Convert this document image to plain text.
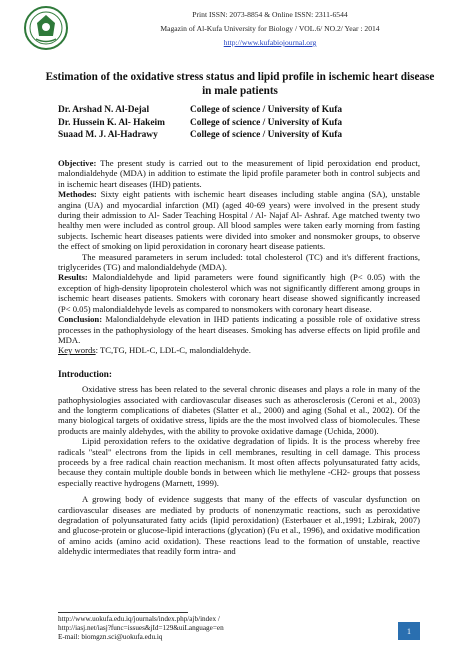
Print ISSN: 2073-8854 & Online ISSN: 2311-6544
Magazin of Al-Kufa University for Biology / VOL.6/ NO.2/ Year : 2014
http://www.kufabiojournal.org
Estimation of the oxidative stress status and lipid profile in ischemic heart disease in male patients
Dr. Arshad N. Al-Dejal	College of science / University of Kufa
Dr. Hussein K. Al- Hakeim	College of science / University of Kufa
Suaad M. J. Al-Hadrawy	College of science / University of Kufa

Objective: The present study is carried out to the measurement of lipid peroxidation end product, malondialdehyde (MDA) in addition to estimate the lipid profile parameter both in control subjects and in ischemic heart diseases (IHD) patients.

Methodes: Sixty eight patients with ischemic heart diseases including stable angina (SA), unstable angina (UA) and myocardial infarction (MI) (aged 40-69 years) were involved in the present study during their admission to Al- Sader Teaching Hospital / Al- Najaf Al- Ashraf. Age matched twenty two healthy men were included as control group. All blood samples were taken early morning from fasting subjects. Ischemic heart diseases patients were divided into smoker and nonsmoker groups, to observe the effect of smoking on lipid peroxidation in coronary heart disease patients.

The measured parameters in serum included: total cholesterol (TC) and it's different fractions, triglycerides (TG) and malondialdehyde (MDA).

Results: Malondialdehyde and lipid parameters were found significantly high (P< 0.05) with the exception of high-density lipoprotein cholesterol which was not significantly different among groups in ischemic heart diseases patients. Smokers with coronary heart disease showed significantly increased (P< 0.05) malondialdehyde levels as compared to nonsmokers with coronary heart disease.

Conclusion: Malondialdehyde elevation in IHD patients indicating a possible role of oxidative stress processes in the pathophysiology of the heart diseases. Smoking has adverse effects on lipid profile and MDA.

Key words: TC,TG, HDL-C, LDL-C, malondialdehyde.

Introduction:

Oxidative stress has been related to the several chronic diseases and plays a role in many of the pathophysiologies associated with cardiovascular diseases such as atherosclerosis (Ceroni et al., 2003) and the longterm complications of diabetes (Slatter et al., 2000) and aging (Sohal et al., 2002). Of the many biological targets of oxidative stress, lipids are the the most involved class of biomolecules. These products are mainly aldehydes, with the ability to provoke oxidative damage (Uchida, 2000).

Lipid peroxidation refers to the oxidative degradation of lipids. It is the process whereby free radicals "steal" electrons from the lipids in cell membranes, resulting in cell damage. This process proceeds by a free radical chain reaction mechanism. It most often affects polyunsaturated fatty acids, because they contain multiple double bonds in between which lie methylene -CH2- groups that possess especially reactive hydrogens (Marnett, 1999).

A growing body of evidence suggests that many of the effects of vascular dysfunction on cardiovascular diseases are mediated by products of nonenzymatic reactions, such as peroxidative degradation of polyunsaturated fatty acids (lipid peroxidation) (Esterbauer et al.,1991; Lzbirak, 2007) and glucose-protein or glucose-lipid interactions (glycation) (Fu et al., 1996), and oxidative modification of amino acids (amino acid oxidation). These reactions lead to the formation of unstable, reactive aldehydic intermediates that readily form intra- and

http://www.uokufa.edu.iq/journals/index.php/ajb/index /
http://iasj.net/iasj?func=issues&jId=129&uiLanguage=en
E-mail: biomgzn.sci@uokufa.edu.iq
1
